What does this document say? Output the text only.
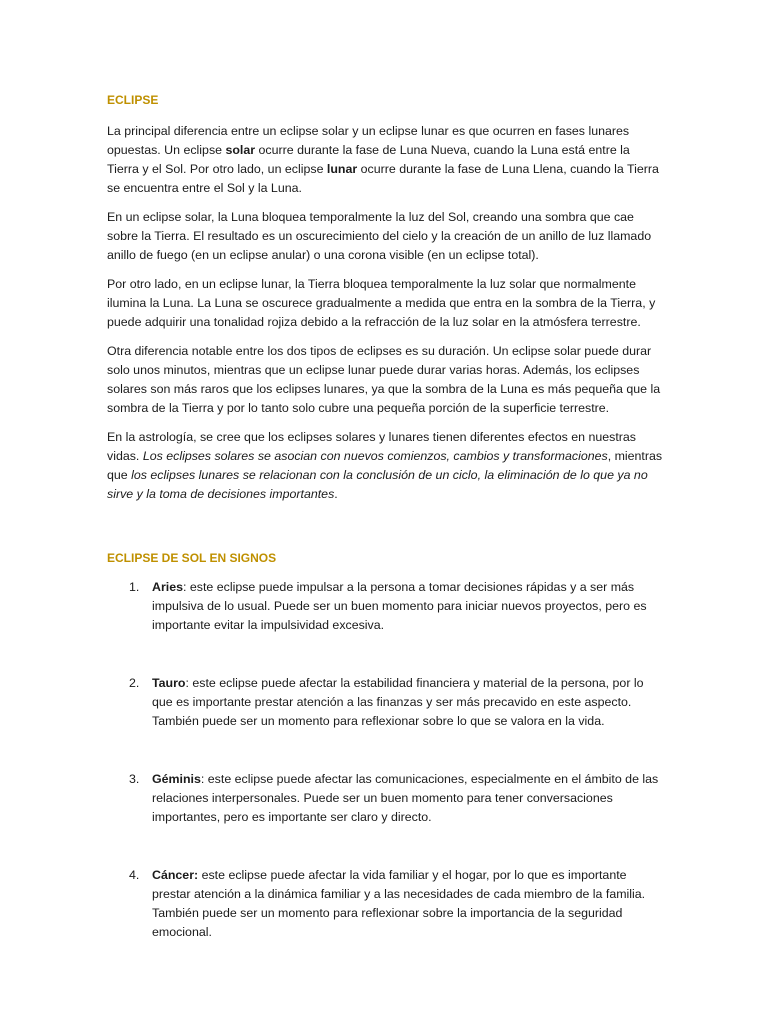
ECLIPSE

La principal diferencia entre un eclipse solar y un eclipse lunar es que ocurren en fases lunares opuestas. Un eclipse solar ocurre durante la fase de Luna Nueva, cuando la Luna está entre la Tierra y el Sol. Por otro lado, un eclipse lunar ocurre durante la fase de Luna Llena, cuando la Tierra se encuentra entre el Sol y la Luna.

En un eclipse solar, la Luna bloquea temporalmente la luz del Sol, creando una sombra que cae sobre la Tierra. El resultado es un oscurecimiento del cielo y la creación de un anillo de luz llamado anillo de fuego (en un eclipse anular) o una corona visible (en un eclipse total).

Por otro lado, en un eclipse lunar, la Tierra bloquea temporalmente la luz solar que normalmente ilumina la Luna. La Luna se oscurece gradualmente a medida que entra en la sombra de la Tierra, y puede adquirir una tonalidad rojiza debido a la refracción de la luz solar en la atmósfera terrestre.

Otra diferencia notable entre los dos tipos de eclipses es su duración. Un eclipse solar puede durar solo unos minutos, mientras que un eclipse lunar puede durar varias horas. Además, los eclipses solares son más raros que los eclipses lunares, ya que la sombra de la Luna es más pequeña que la sombra de la Tierra y por lo tanto solo cubre una pequeña porción de la superficie terrestre.

En la astrología, se cree que los eclipses solares y lunares tienen diferentes efectos en nuestras vidas. Los eclipses solares se asocian con nuevos comienzos, cambios y transformaciones, mientras que los eclipses lunares se relacionan con la conclusión de un ciclo, la eliminación de lo que ya no sirve y la toma de decisiones importantes.

ECLIPSE DE SOL EN SIGNOS
1. Aries: este eclipse puede impulsar a la persona a tomar decisiones rápidas y a ser más impulsiva de lo usual. Puede ser un buen momento para iniciar nuevos proyectos, pero es importante evitar la impulsividad excesiva.
2. Tauro: este eclipse puede afectar la estabilidad financiera y material de la persona, por lo que es importante prestar atención a las finanzas y ser más precavido en este aspecto. También puede ser un momento para reflexionar sobre lo que se valora en la vida.
3. Géminis: este eclipse puede afectar las comunicaciones, especialmente en el ámbito de las relaciones interpersonales. Puede ser un buen momento para tener conversaciones importantes, pero es importante ser claro y directo.
4. Cáncer: este eclipse puede afectar la vida familiar y el hogar, por lo que es importante prestar atención a la dinámica familiar y a las necesidades de cada miembro de la familia. También puede ser un momento para reflexionar sobre la importancia de la seguridad emocional.
